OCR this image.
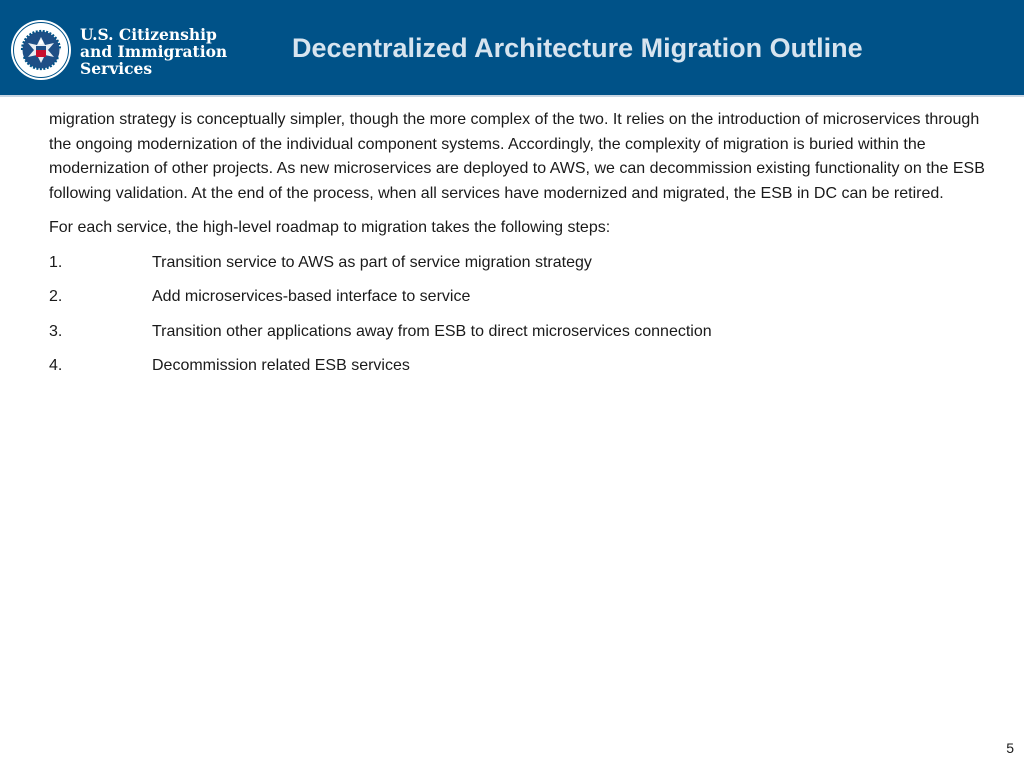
U.S. Citizenship
and Immigration
Services
Decentralized Architecture Migration Outline

migration strategy is conceptually simpler, though the more complex of the two. It relies on the introduction of microservices through the ongoing modernization of the individual component systems. Accordingly, the complexity of migration is buried within the modernization of other projects. As new microservices are deployed to AWS, we can decommission existing functionality on the ESB following validation. At the end of the process, when all services have modernized and migrated, the ESB in DC can be retired.

For each service, the high-level roadmap to migration takes the following steps:

1.	Transition service to AWS as part of service migration strategy
2.	Add microservices-based interface to service
3.	Transition other applications away from ESB to direct microservices connection
4.	Decommission related ESB services
5
